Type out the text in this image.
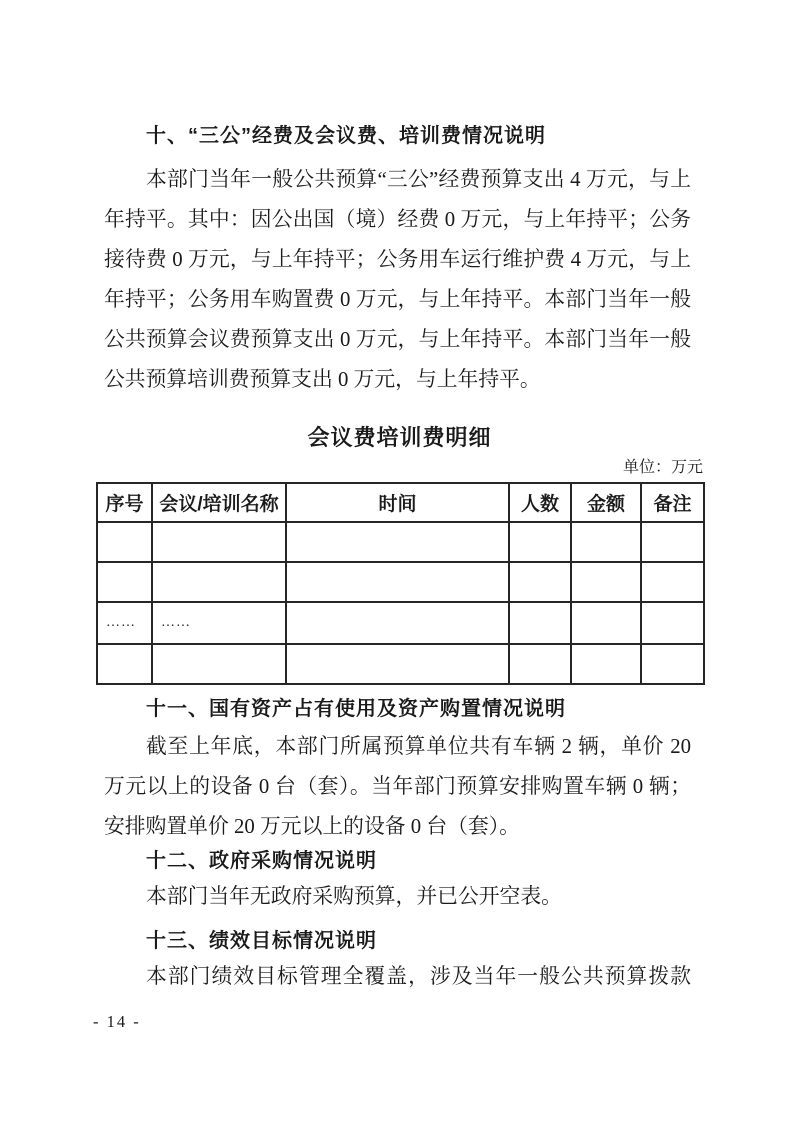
十、“三公”经费及会议费、培训费情况说明
本部门当年一般公共预算“三公”经费预算支出 4 万元，与上年持平。其中：因公出国（境）经费 0 万元，与上年持平；公务接待费 0 万元，与上年持平；公务用车运行维护费 4 万元，与上年持平；公务用车购置费 0 万元，与上年持平。本部门当年一般公共预算会议费预算支出 0 万元，与上年持平。本部门当年一般公共预算培训费预算支出 0 万元，与上年持平。
会议费培训费明细
单位：万元
序号	会议/培训名称	时间	人数	金额	备注

……	……				

十一、国有资产占有使用及资产购置情况说明
截至上年底，本部门所属预算单位共有车辆 2 辆，单价 20 万元以上的设备 0 台（套）。当年部门预算安排购置车辆 0 辆；安排购置单价 20 万元以上的设备 0 台（套）。
十二、政府采购情况说明
本部门当年无政府采购预算，并已公开空表。
十三、绩效目标情况说明
本部门绩效目标管理全覆盖，涉及当年一般公共预算拨款
- 14 -
